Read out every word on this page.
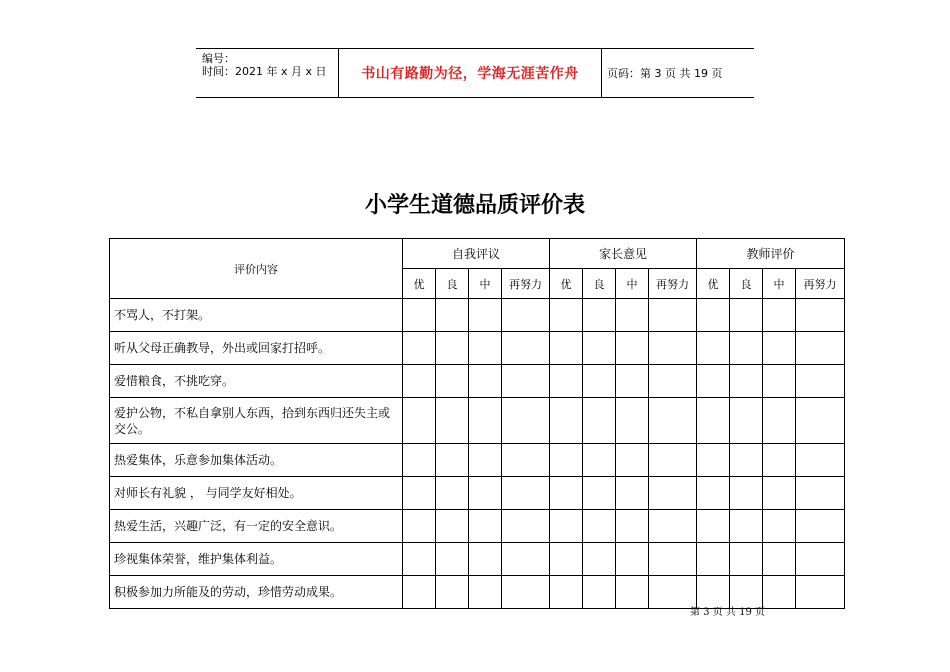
编号：
时间：2021 年 x 月 x 日 书山有路勤为径，学海无涯苦作舟	页码：第 3 页 共 19 页
小学生道德品质评价表
评价内容	自我评议				家长意见				教师评价			
	优	良	中	再努力	优	良	中	再努力	优	良	中	再努力
不骂人，不打架。												
听从父母正确教导，外出或回家打招呼。												
爱惜粮食，不挑吃穿。												
爱护公物，不私自拿别人东西，拾到东西归还失主或交公。												
热爱集体，乐意参加集体活动。												
对师长有礼貌 ， 与同学友好相处。												
热爱生活，兴趣广泛，有一定的安全意识。												
珍视集体荣誉，维护集体利益。												
积极参加力所能及的劳动，珍惜劳动成果。												
第 3 页 共 19 页
